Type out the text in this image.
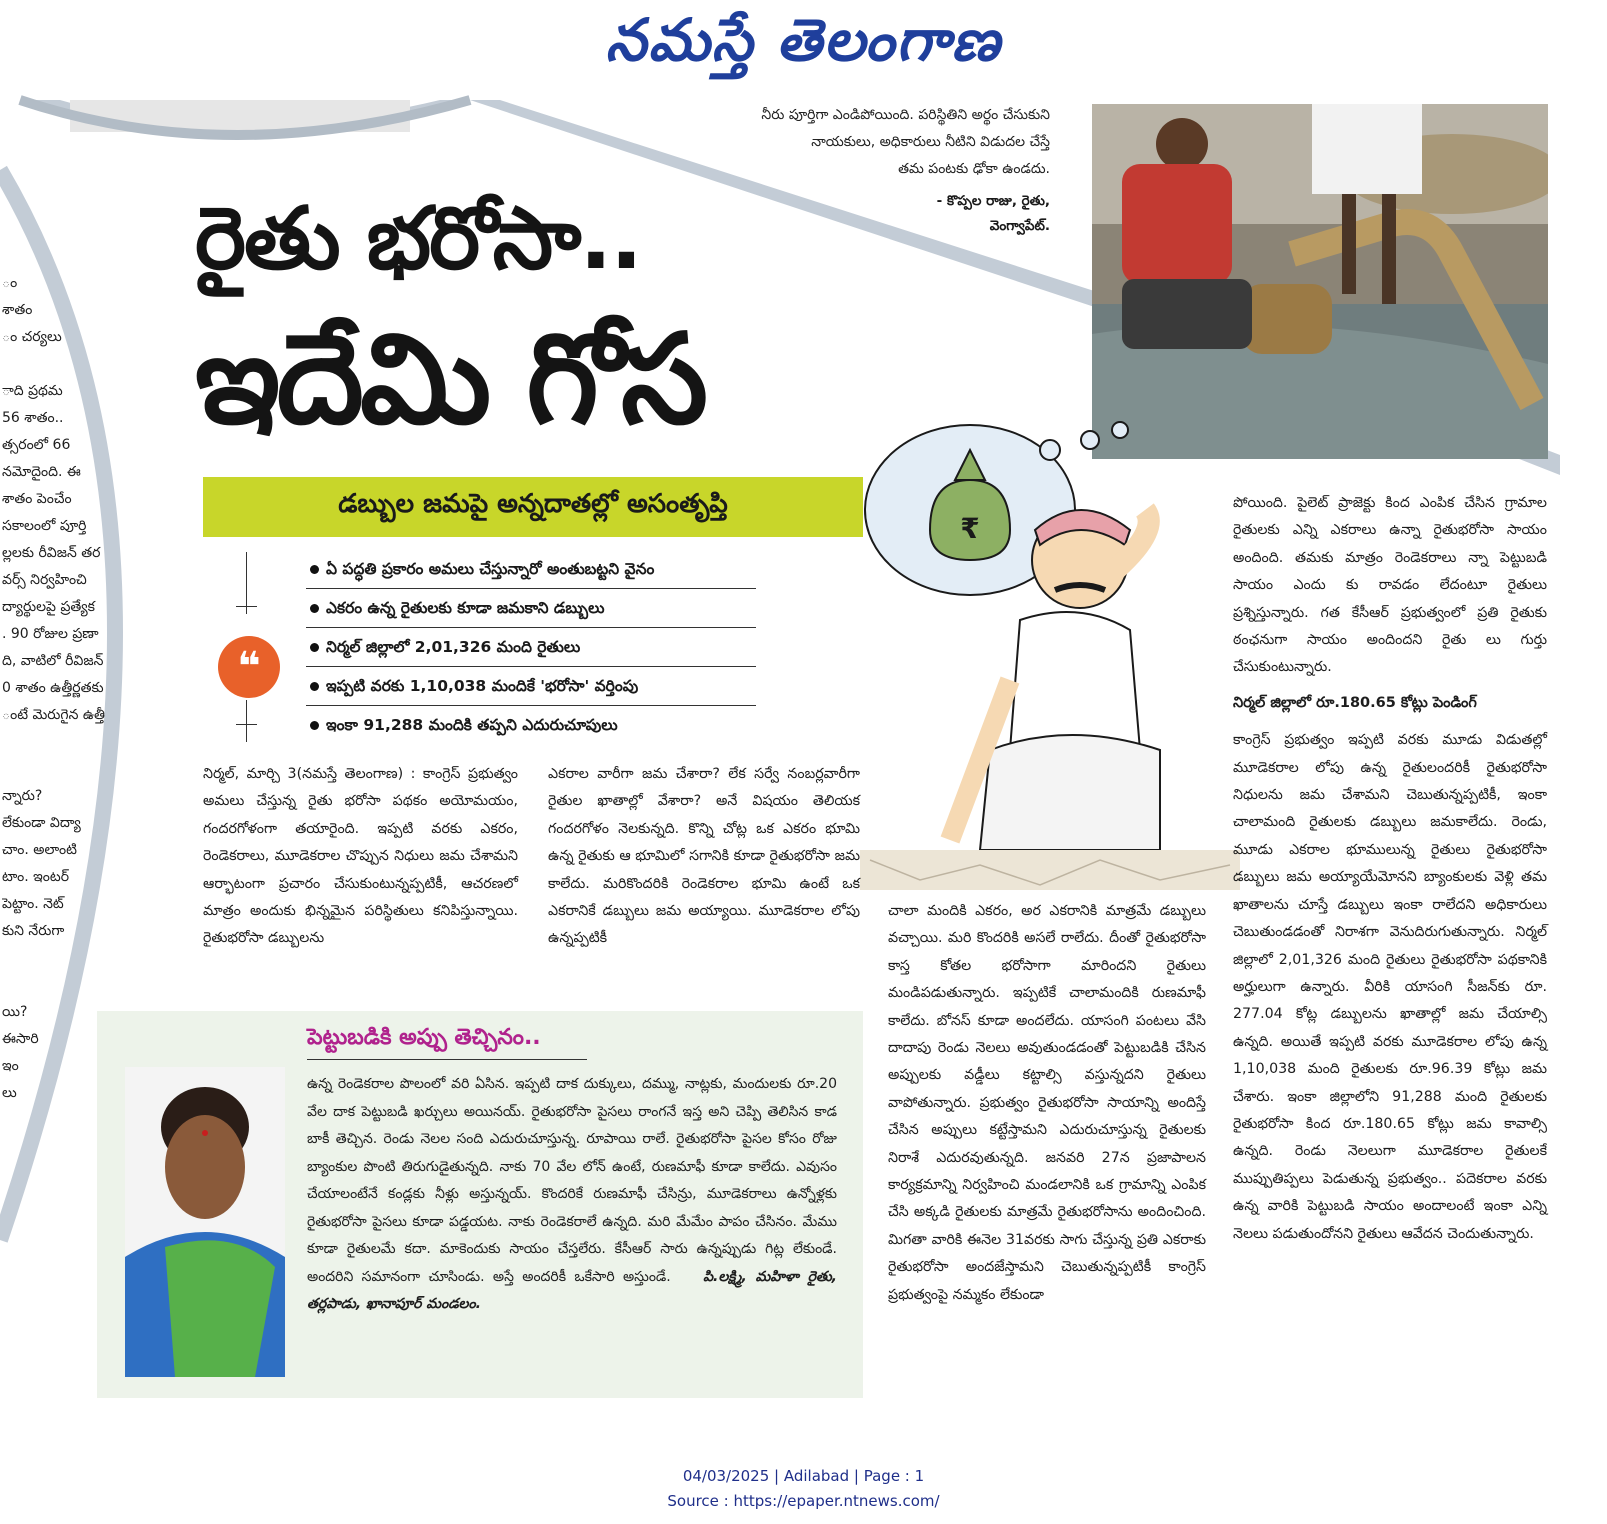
నమస్తే తెలంగాణ
ం
శాతం
ం చర్యలు
ాది ప్రథమ
56 శాతం..
త్సరంలో 66
నమోదైంది. ఈ
శాతం పెంచేం
సకాలంలో పూర్తి
ల్లలకు రీవిజన్ తర
వర్స్ నిర్వహించి
ద్యార్థులపై ప్రత్యేక
. 90 రోజుల ప్రణా
ది, వాటిలో రీవిజన్
0 శాతం ఉత్తీర్ణతకు
ంటే మెరుగైన ఉత్తీ
న్నారు?
లేకుండా విద్యా
చాం. అలాంటి
టాం. ఇంటర్
పెట్టాం. నెట్
కుని నేరుగా
యి?
ఈసారి
ఇం
లు
నీరు పూర్తిగా ఎండిపోయింది. పరిస్థితిని అర్థం చేసుకుని
నాయకులు, అధికారులు నీటిని విడుదల చేస్తే
తమ పంటకు ఢోకా ఉండదు.
- కొప్పల రాజు, రైతు,
వెంగ్వాపేట్.
రైతు భరోసా..
ఇదేమి గోస
డబ్బుల జమపై అన్నదాతల్లో అసంతృప్తి
❝
ఏ పద్ధతి ప్రకారం అమలు చేస్తున్నారో అంతుబట్టని వైనం
ఎకరం ఉన్న రైతులకు కూడా జమకాని డబ్బులు
నిర్మల్ జిల్లాలో 2,01,326 మంది రైతులు
ఇప్పటి వరకు 1,10,038 మందికే 'భరోసా' వర్తింపు
ఇంకా 91,288 మందికి తప్పని ఎదురుచూపులు
₹

నిర్మల్, మార్చి 3(నమస్తే తెలంగాణ) : కాంగ్రెస్ ప్రభుత్వం అమలు చేస్తున్న రైతు భరోసా పథకం అయోమయం, గందరగోళంగా తయారైంది. ఇప్పటి వరకు ఎకరం, రెండెకరాలు, మూడెకరాల చొప్పున నిధులు జమ చేశామని ఆర్భాటంగా ప్రచారం చేసుకుంటున్నప్పటికీ, ఆచరణలో మాత్రం అందుకు భిన్నమైన పరిస్థితులు కనిపిస్తున్నాయి. రైతుభరోసా డబ్బులను

ఎకరాల వారీగా జమ చేశారా? లేక సర్వే నంబర్లవారీగా రైతుల ఖాతాల్లో వేశారా? అనే విషయం తెలియక గందరగోళం నెలకున్నది. కొన్ని చోట్ల ఒక ఎకరం భూమి ఉన్న రైతుకు ఆ భూమిలో సగానికి కూడా రైతుభరోసా జమ కాలేదు. మరికొందరికి రెండెకరాల భూమి ఉంటే ఒక ఎకరానికే డబ్బులు జమ అయ్యాయి. మూడెకరాల లోపు ఉన్నప్పటికీ

చాలా మందికి ఎకరం, అర ఎకరానికి మాత్రమే డబ్బులు వచ్చాయి. మరి కొందరికి అసలే రాలేదు. దీంతో రైతుభరోసా కాస్త కోతల భరోసాగా మారిందని రైతులు మండిపడుతున్నారు. ఇప్పటికే చాలామందికి రుణమాఫీ కాలేదు. బోనస్ కూడా అందలేదు. యాసంగి పంటలు వేసి దాదాపు రెండు నెలలు అవుతుండడంతో పెట్టుబడికి చేసిన అప్పులకు వడ్డీలు కట్టాల్సి వస్తున్నదని రైతులు వాపోతున్నారు. ప్రభుత్వం రైతుభరోసా సాయాన్ని అందిస్తే చేసిన అప్పులు కట్టేస్తామని ఎదురుచూస్తున్న రైతులకు నిరాశే ఎదురవుతున్నది. జనవరి 27న ప్రజాపాలన కార్యక్రమాన్ని నిర్వహించి మండలానికి ఒక గ్రామాన్ని ఎంపిక చేసి అక్కడి రైతులకు మాత్రమే రైతుభరోసాను అందించింది. మిగతా వారికి ఈనెల 31వరకు సాగు చేస్తున్న ప్రతి ఎకరాకు రైతుభరోసా అందజేస్తామని చెబుతున్నప్పటికీ కాంగ్రెస్ ప్రభుత్వంపై నమ్మకం లేకుండా

పోయింది. పైలెట్ ప్రాజెక్టు కింద ఎంపిక చేసిన గ్రామాల రైతులకు ఎన్ని ఎకరాలు ఉన్నా రైతుభరోసా సాయం అందింది. తమకు మాత్రం రెండెకరాలు న్నా పెట్టుబడి సాయం ఎందు కు రావడం లేదంటూ రైతులు ప్రశ్నిస్తున్నారు. గత కేసీఆర్ ప్రభుత్వంలో ప్రతి రైతుకు ఠంఛనుగా సాయం అందిందని రైతు లు గుర్తు చేసుకుంటున్నారు.

నిర్మల్ జిల్లాలో రూ.180.65 కోట్లు పెండింగ్

కాంగ్రెస్ ప్రభుత్వం ఇప్పటి వరకు మూడు విడుతల్లో మూడెకరాల లోపు ఉన్న రైతులందరికీ రైతుభరోసా నిధులను జమ చేశామని చెబుతున్నప్పటికీ, ఇంకా చాలామంది రైతులకు డబ్బులు జమకాలేదు. రెండు, మూడు ఎకరాల భూములున్న రైతులు రైతుభరోసా డబ్బులు జమ అయ్యాయేమోనని బ్యాంకులకు వెళ్లి తమ ఖాతాలను చూస్తే డబ్బులు ఇంకా రాలేదని అధికారులు చెబుతుండడంతో నిరాశగా వెనుదిరుగుతున్నారు. నిర్మల్ జిల్లాలో 2,01,326 మంది రైతులు రైతుభరోసా పథకానికి అర్హులుగా ఉన్నారు. వీరికి యాసంగి సీజన్‌కు రూ. 277.04 కోట్ల డబ్బులను ఖాతాల్లో జమ చేయాల్సి ఉన్నది. అయితే ఇప్పటి వరకు మూడెకరాల లోపు ఉన్న 1,10,038 మంది రైతులకు రూ.96.39 కోట్లు జమ చేశారు. ఇంకా జిల్లాలోని 91,288 మంది రైతులకు రైతుభరోసా కింద రూ.180.65 కోట్లు జమ కావాల్సి ఉన్నది. రెండు నెలలుగా మూడెకరాల రైతులకే ముప్పుతిప్పలు పెడుతున్న ప్రభుత్వం.. పదెకరాల వరకు ఉన్న వారికి పెట్టుబడి సాయం అందాలంటే ఇంకా ఎన్ని నెలలు పడుతుందోనని రైతులు ఆవేదన చెందుతున్నారు.

పెట్టుబడికి అప్పు తెచ్చినం..
ఉన్న రెండెకరాల పొలంలో వరి ఏసిన. ఇప్పటి దాక దుక్కులు, దమ్ము, నాట్లకు, మందులకు రూ.20 వేల దాక పెట్టుబడి ఖర్చులు అయినయ్. రైతుభరోసా పైసలు రాంగనే ఇస్త అని చెప్పి తెలిసిన కాడ బాకీ తెచ్చిన. రెండు నెలల సంది ఎదురుచూస్తున్న. రూపాయి రాలే. రైతుభరోసా పైసల కోసం రోజు బ్యాంకుల పొంటి తిరుగుడైతున్నది. నాకు 70 వేల లోన్ ఉంటే, రుణమాఫీ కూడా కాలేదు. ఎవుసం చేయాలంటేనే కండ్లకు నీళ్లు అస్తున్నయ్. కొందరికే రుణమాఫీ చేసిన్రు, మూడెకరాలు ఉన్నోళ్లకు రైతుభరోసా పైసలు కూడా పడ్డయట. నాకు రెండెకరాలే ఉన్నది. మరి మేమేం పాపం చేసినం. మేము కూడా రైతులమే కదా. మాకెందుకు సాయం చేస్తలేరు. కేసీఆర్ సారు ఉన్నప్పుడు గిట్ల లేకుండే. అందరిని సమానంగా చూసిండు. అస్తే అందరికీ ఒకేసారి అస్తుండే. పి.లక్ష్మి, మహిళా రైతు, తర్లపాడు, ఖానాపూర్ మండలం.
04/03/2025 | Adilabad | Page : 1
Source : https://epaper.ntnews.com/
